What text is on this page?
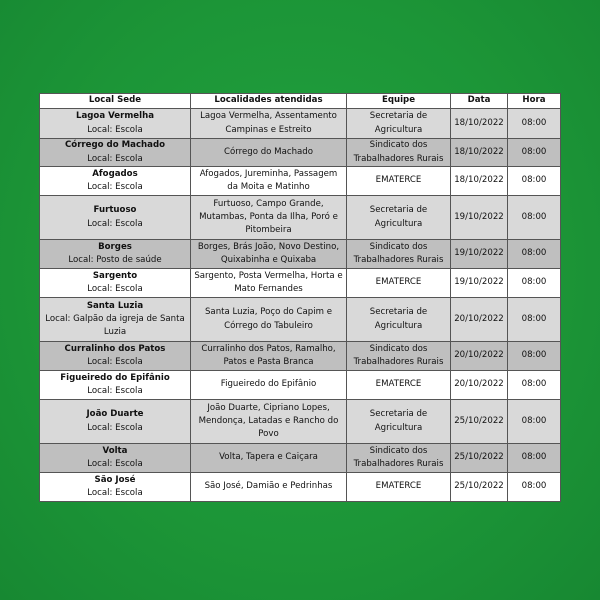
Local Sede	Localidades atendidas	Equipe	Data	Hora

Lagoa Vermelha
Local: Escola	Lagoa Vermelha, Assentamento Campinas e Estreito	Secretaria de Agricultura	18/10/2022	08:00

Córrego do Machado
Local: Escola	Córrego do Machado	Sindicato dos Trabalhadores Rurais	18/10/2022	08:00

Afogados
Local: Escola	Afogados, Jureminha, Passagem da Moita e Matinho	EMATERCE	18/10/2022	08:00

Furtuoso
Local: Escola	Furtuoso, Campo Grande, Mutambas, Ponta da Ilha, Poró e Pitombeira	Secretaria de Agricultura	19/10/2022	08:00

Borges
Local: Posto de saúde	Borges, Brás João, Novo Destino, Quixabinha e Quixaba	Sindicato dos Trabalhadores Rurais	19/10/2022	08:00

Sargento
Local: Escola	Sargento, Posta Vermelha, Horta e Mato Fernandes	EMATERCE	19/10/2022	08:00

Santa Luzia
Local: Galpão da igreja de Santa Luzia	Santa Luzia, Poço do Capim e Córrego do Tabuleiro	Secretaria de Agricultura	20/10/2022	08:00

Curralinho dos Patos
Local: Escola	Curralinho dos Patos, Ramalho, Patos e Pasta Branca	Sindicato dos Trabalhadores Rurais	20/10/2022	08:00

Figueiredo do Epifânio
Local: Escola	Figueiredo do Epifânio	EMATERCE	20/10/2022	08:00

João Duarte
Local: Escola	João Duarte, Cipriano Lopes, Mendonça, Latadas e Rancho do Povo	Secretaria de Agricultura	25/10/2022	08:00

Volta
Local: Escola	Volta, Tapera e Caiçara	Sindicato dos Trabalhadores Rurais	25/10/2022	08:00

São José
Local: Escola	São José, Damião e Pedrinhas	EMATERCE	25/10/2022	08:00
